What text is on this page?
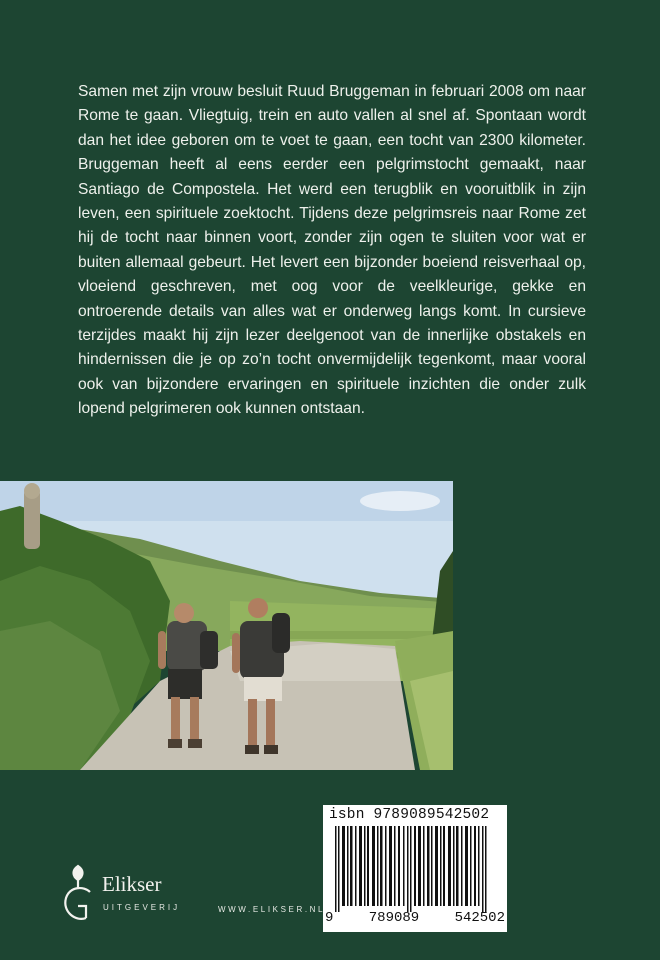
Samen met zijn vrouw besluit Ruud Bruggeman in februari 2008 om naar Rome te gaan. Vliegtuig, trein en auto vallen al snel af. Spontaan wordt dan het idee geboren om te voet te gaan, een tocht van 2300 kilometer. Bruggeman heeft al eens eerder een pelgrimstocht gemaakt, naar Santiago de Compostela. Het werd een terugblik en vooruitblik in zijn leven, een spirituele zoektocht. Tijdens deze pelgrimsreis naar Rome zet hij de tocht naar binnen voort, zonder zijn ogen te sluiten voor wat er buiten allemaal gebeurt. Het levert een bijzonder boeiend reisverhaal op, vloeiend geschreven, met oog voor de veelkleurige, gekke en ontroerende details van alles wat er onderweg langs komt. In cursieve terzijdes maakt hij zijn lezer deelgenoot van de innerlijke obstakels en hindernissen die je op zo’n tocht onvermijdelijk tegenkomt, maar vooral ook van bijzondere ervaringen en spirituele inzichten die onder zulk lopend pelgrimeren ook kunnen ontstaan.

isbn 9789089542502
9	789089	542502
Elikser
UITGEVERIJ	WWW.ELIKSER.NL
